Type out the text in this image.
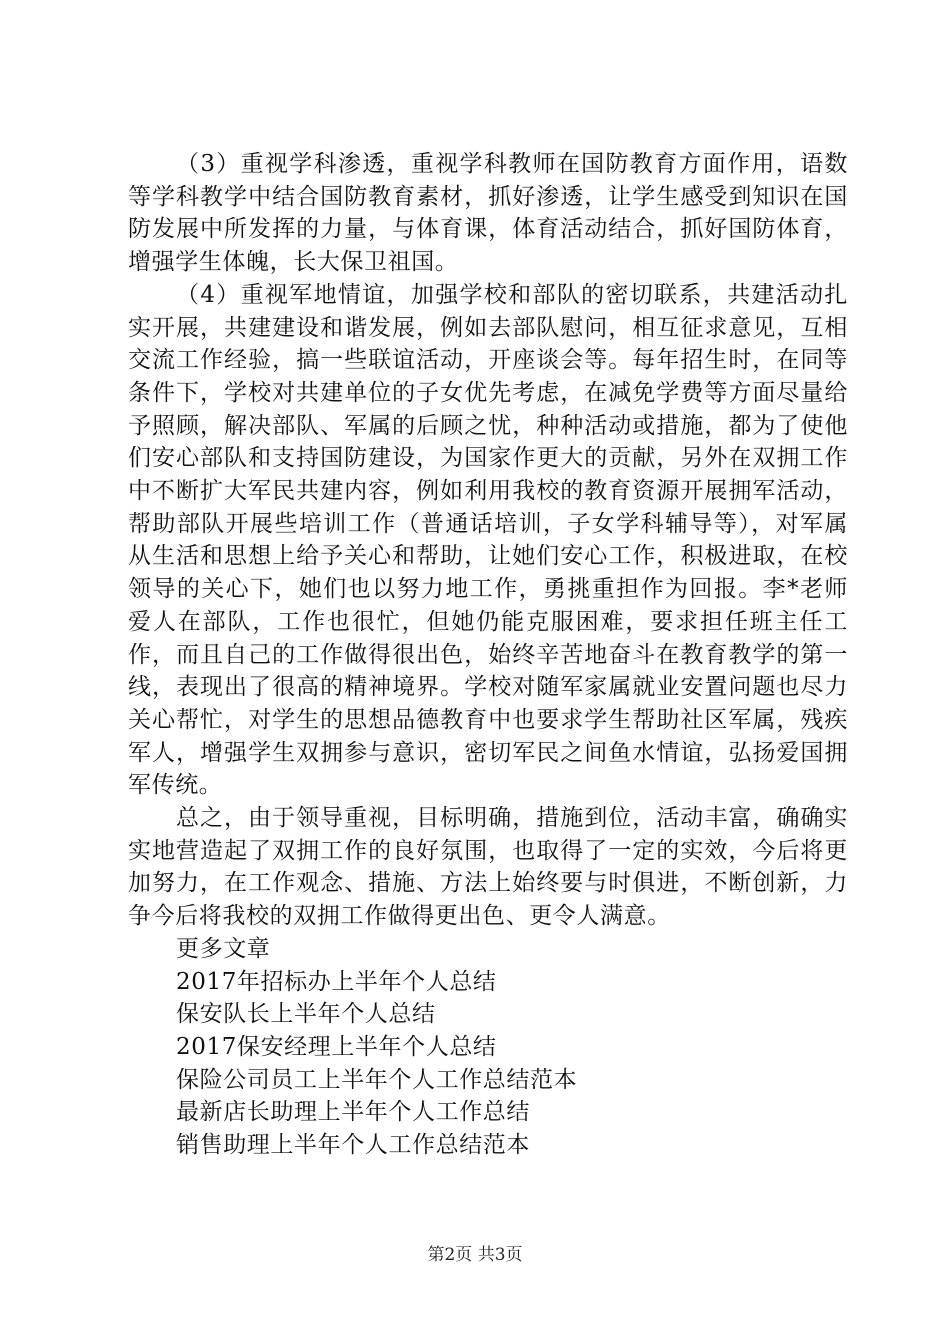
（3）重视学科渗透，重视学科教师在国防教育方面作用，语数等学科教学中结合国防教育素材，抓好渗透，让学生感受到知识在国防发展中所发挥的力量，与体育课，体育活动结合，抓好国防体育，增强学生体魄，长大保卫祖国。

（4）重视军地情谊，加强学校和部队的密切联系，共建活动扎实开展，共建建设和谐发展，例如去部队慰问，相互征求意见，互相交流工作经验，搞一些联谊活动，开座谈会等。每年招生时，在同等条件下，学校对共建单位的子女优先考虑，在减免学费等方面尽量给予照顾，解决部队、军属的后顾之忧，种种活动或措施，都为了使他们安心部队和支持国防建设，为国家作更大的贡献，另外在双拥工作中不断扩大军民共建内容，例如利用我校的教育资源开展拥军活动，帮助部队开展些培训工作（普通话培训，子女学科辅导等），对军属从生活和思想上给予关心和帮助，让她们安心工作，积极进取，在校领导的关心下，她们也以努力地工作，勇挑重担作为回报。李*老师爱人在部队，工作也很忙，但她仍能克服困难，要求担任班主任工作，而且自己的工作做得很出色，始终辛苦地奋斗在教育教学的第一线，表现出了很高的精神境界。学校对随军家属就业安置问题也尽力关心帮忙，对学生的思想品德教育中也要求学生帮助社区军属，残疾军人，增强学生双拥参与意识，密切军民之间鱼水情谊，弘扬爱国拥军传统。

总之，由于领导重视，目标明确，措施到位，活动丰富，确确实实地营造起了双拥工作的良好氛围，也取得了一定的实效，今后将更加努力，在工作观念、措施、方法上始终要与时俱进，不断创新，力争今后将我校的双拥工作做得更出色、更令人满意。

更多文章
2017年招标办上半年个人总结
保安队长上半年个人总结
2017保安经理上半年个人总结
保险公司员工上半年个人工作总结范本
最新店长助理上半年个人工作总结
销售助理上半年个人工作总结范本
第2页 共3页
